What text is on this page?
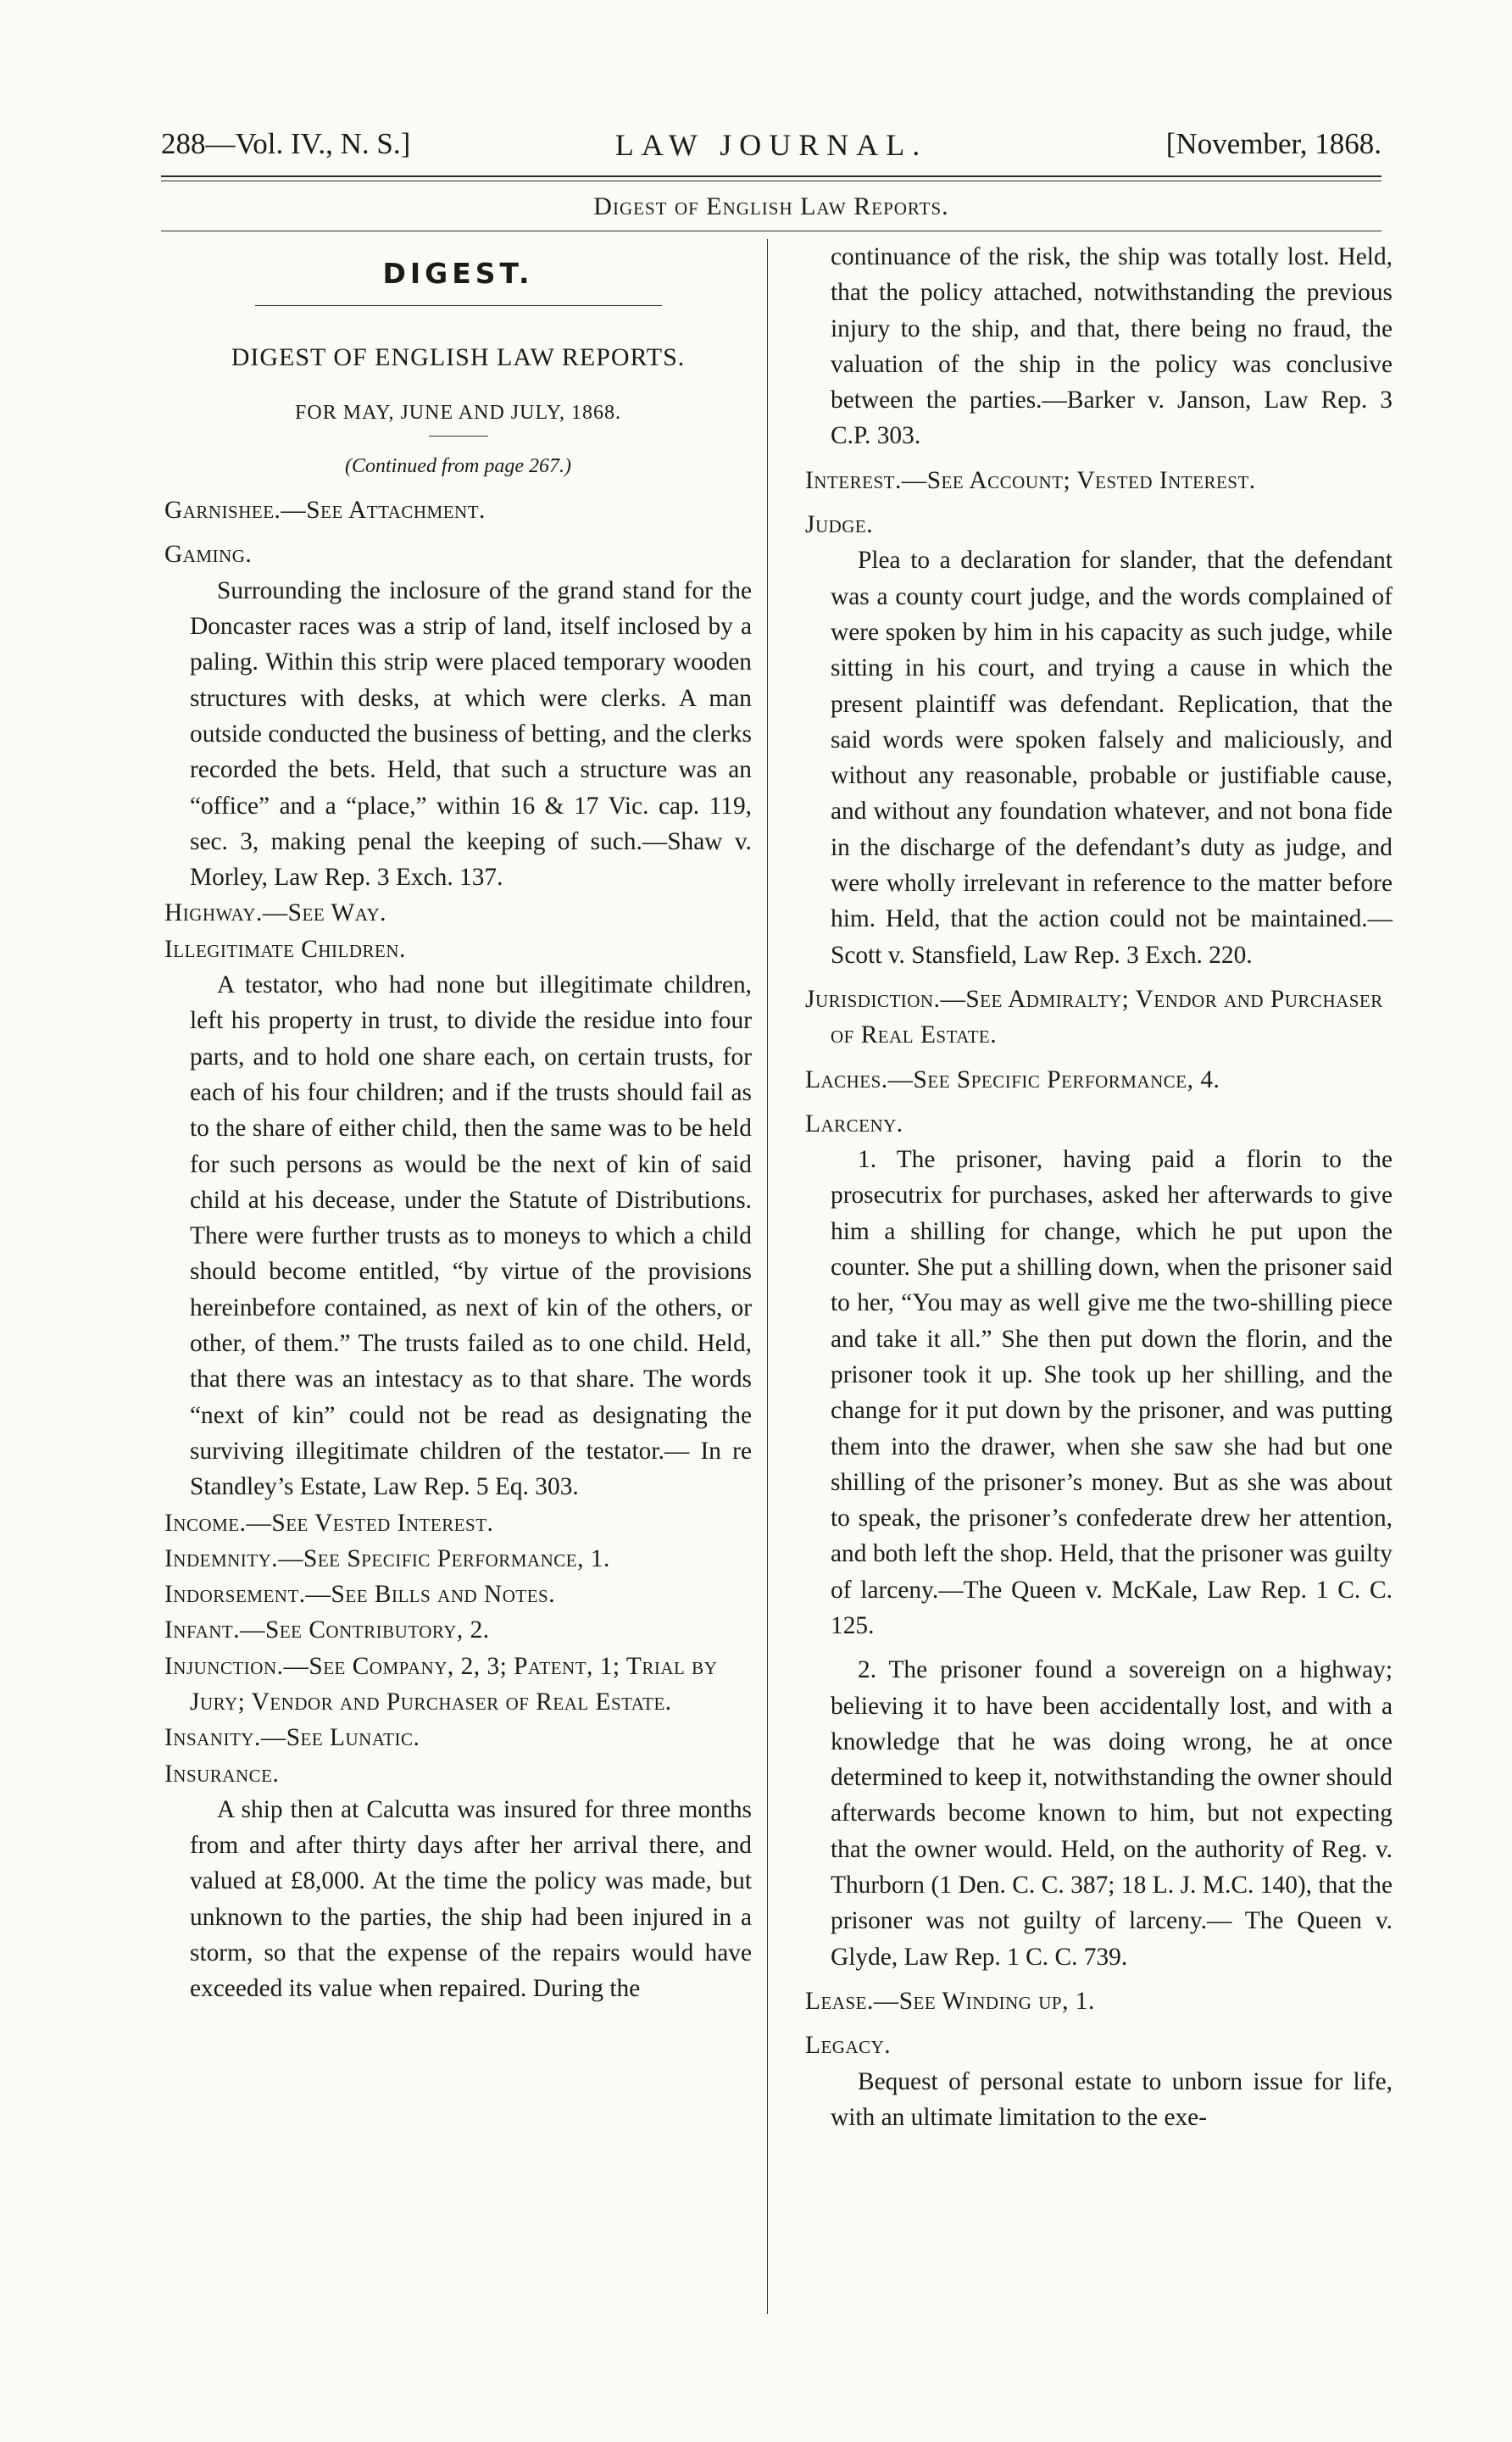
288—Vol. IV., N. S.]	LAW JOURNAL.	[November, 1868.
Digest of English Law Reports.
DIGEST.
DIGEST OF ENGLISH LAW REPORTS.
FOR MAY, JUNE AND JULY, 1868.
(Continued from page 267.)

Garnishee.—See Attachment.

Gaming.

Surrounding the inclosure of the grand stand for the Doncaster races was a strip of land, itself inclosed by a paling. Within this strip were placed temporary wooden structures with desks, at which were clerks. A man outside conducted the business of betting, and the clerks recorded the bets. Held, that such a structure was an “office” and a “place,” within 16 & 17 Vic. cap. 119, sec. 3, making penal the keeping of such.—Shaw v. Morley, Law Rep. 3 Exch. 137.

Highway.—See Way.

Illegitimate Children.

A testator, who had none but illegitimate children, left his property in trust, to divide the residue into four parts, and to hold one share each, on certain trusts, for each of his four children; and if the trusts should fail as to the share of either child, then the same was to be held for such persons as would be the next of kin of said child at his decease, under the Statute of Distributions. There were further trusts as to moneys to which a child should become entitled, “by virtue of the provisions hereinbefore contained, as next of kin of the others, or other, of them.” The trusts failed as to one child. Held, that there was an intestacy as to that share. The words “next of kin” could not be read as designating the surviving illegitimate children of the testator.— In re Standley’s Estate, Law Rep. 5 Eq. 303.

Income.—See Vested Interest.

Indemnity.—See Specific Performance, 1.

Indorsement.—See Bills and Notes.

Infant.—See Contributory, 2.

Injunction.—See Company, 2, 3; Patent, 1; Trial by Jury; Vendor and Purchaser of Real Estate.

Insanity.—See Lunatic.

Insurance.

A ship then at Calcutta was insured for three months from and after thirty days after her arrival there, and valued at £8,000. At the time the policy was made, but unknown to the parties, the ship had been injured in a storm, so that the expense of the repairs would have exceeded its value when repaired. During the

continuance of the risk, the ship was totally lost. Held, that the policy attached, notwithstanding the previous injury to the ship, and that, there being no fraud, the valuation of the ship in the policy was conclusive between the parties.—Barker v. Janson, Law Rep. 3 C.P. 303.

Interest.—See Account; Vested Interest.

Judge.

Plea to a declaration for slander, that the defendant was a county court judge, and the words complained of were spoken by him in his capacity as such judge, while sitting in his court, and trying a cause in which the present plaintiff was defendant. Replication, that the said words were spoken falsely and maliciously, and without any reasonable, probable or justifiable cause, and without any foundation whatever, and not bona fide in the discharge of the defendant’s duty as judge, and were wholly irrelevant in reference to the matter before him. Held, that the action could not be maintained.— Scott v. Stansfield, Law Rep. 3 Exch. 220.

Jurisdiction.—See Admiralty; Vendor and Purchaser of Real Estate.

Laches.—See Specific Performance, 4.

Larceny.

1. The prisoner, having paid a florin to the prosecutrix for purchases, asked her afterwards to give him a shilling for change, which he put upon the counter. She put a shilling down, when the prisoner said to her, “You may as well give me the two-shilling piece and take it all.” She then put down the florin, and the prisoner took it up. She took up her shilling, and the change for it put down by the prisoner, and was putting them into the drawer, when she saw she had but one shilling of the prisoner’s money. But as she was about to speak, the prisoner’s confederate drew her attention, and both left the shop. Held, that the prisoner was guilty of larceny.—The Queen v. McKale, Law Rep. 1 C. C. 125.

2. The prisoner found a sovereign on a highway; believing it to have been accidentally lost, and with a knowledge that he was doing wrong, he at once determined to keep it, notwithstanding the owner should afterwards become known to him, but not expecting that the owner would. Held, on the authority of Reg. v. Thurborn (1 Den. C. C. 387; 18 L. J. M.C. 140), that the prisoner was not guilty of larceny.— The Queen v. Glyde, Law Rep. 1 C. C. 739.

Lease.—See Winding up, 1.

Legacy.

Bequest of personal estate to unborn issue for life, with an ultimate limitation to the exe-
